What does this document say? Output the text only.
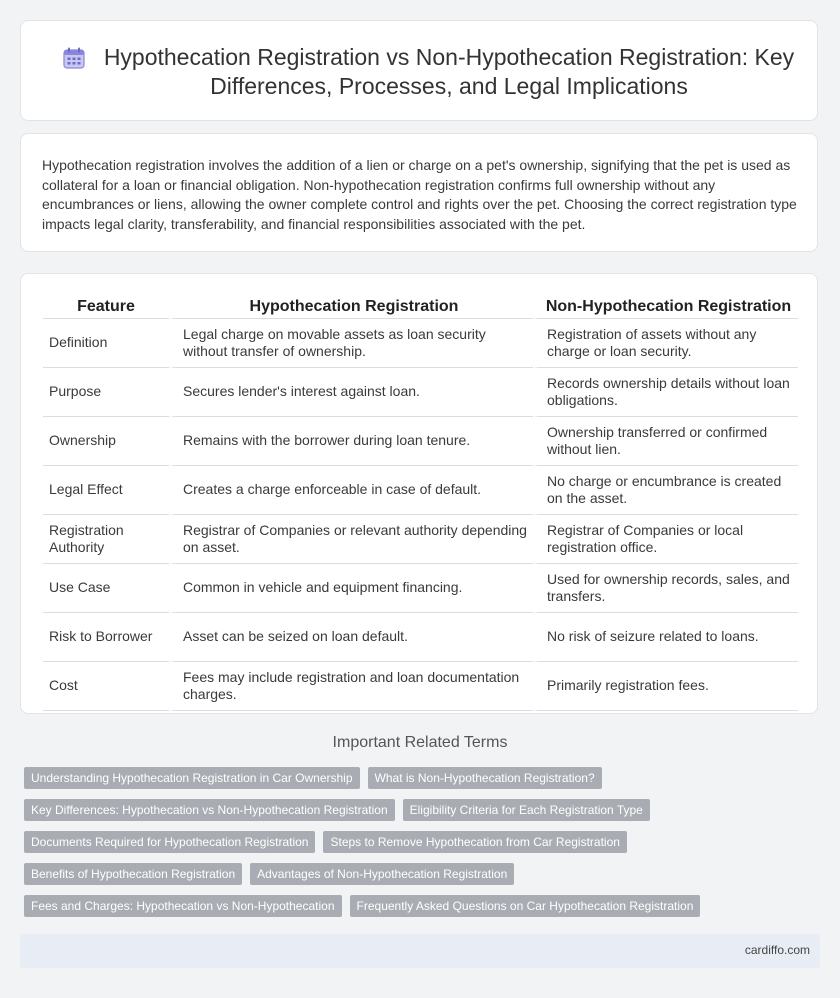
Hypothecation Registration vs Non-Hypothecation Registration: Key Differences, Processes, and Legal Implications

Hypothecation registration involves the addition of a lien or charge on a pet's ownership, signifying that the pet is used as collateral for a loan or financial obligation. Non-hypothecation registration confirms full ownership without any encumbrances or liens, allowing the owner complete control and rights over the pet. Choosing the correct registration type impacts legal clarity, transferability, and financial responsibilities associated with the pet.

Feature	Hypothecation Registration	Non-Hypothecation Registration
Definition	Legal charge on movable assets as loan security without transfer of ownership.	Registration of assets without any charge or loan security.
Purpose	Secures lender's interest against loan.	Records ownership details without loan obligations.
Ownership	Remains with the borrower during loan tenure.	Ownership transferred or confirmed without lien.
Legal Effect	Creates a charge enforceable in case of default.	No charge or encumbrance is created on the asset.
Registration Authority	Registrar of Companies or relevant authority depending on asset.	Registrar of Companies or local registration office.
Use Case	Common in vehicle and equipment financing.	Used for ownership records, sales, and transfers.
Risk to Borrower	Asset can be seized on loan default.	No risk of seizure related to loans.
Cost	Fees may include registration and loan documentation charges.	Primarily registration fees.
Important Related Terms
Understanding Hypothecation Registration in Car Ownership	What is Non-Hypothecation Registration?
Key Differences: Hypothecation vs Non-Hypothecation Registration	Eligibility Criteria for Each Registration Type
Documents Required for Hypothecation Registration	Steps to Remove Hypothecation from Car Registration
Benefits of Hypothecation Registration	Advantages of Non-Hypothecation Registration
Fees and Charges: Hypothecation vs Non-Hypothecation	Frequently Asked Questions on Car Hypothecation Registration
cardiffo.com
